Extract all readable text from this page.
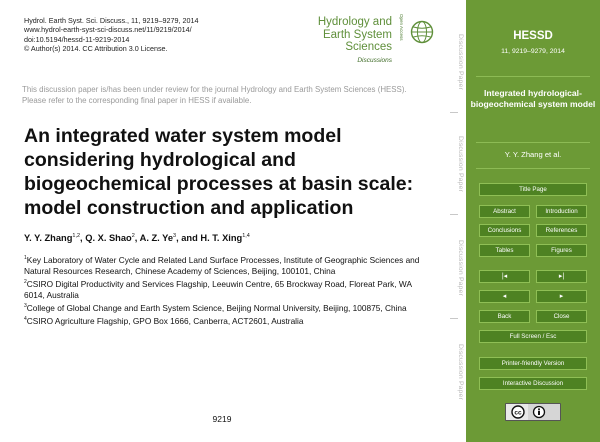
Hydrol. Earth Syst. Sci. Discuss., 11, 9219–9279, 2014
www.hydrol-earth-syst-sci-discuss.net/11/9219/2014/
doi:10.5194/hessd-11-9219-2014
© Author(s) 2014. CC Attribution 3.0 License.
Hydrology and
Earth System
Sciences
Discussions
Open Access
This discussion paper is/has been under review for the journal Hydrology and Earth System Sciences (HESS). Please refer to the corresponding final paper in HESS if available.
An integrated water system model considering hydrological and biogeochemical processes at basin scale: model construction and application
Y. Y. Zhang$^{1,2}$, Q. X. Shao$^2$, A. Z. Ye$^3$, and H. T. Xing$^{1,4}$
$^1$Key Laboratory of Water Cycle and Related Land Surface Processes, Institute of Geographic Sciences and Natural Resources Research, Chinese Academy of Sciences, Beijing, 100101, China
$^2$CSIRO Digital Productivity and Services Flagship, Leeuwin Centre, 65 Brockway Road, Floreat Park, WA 6014, Australia
$^3$College of Global Change and Earth System Science, Beijing Normal University, Beijing, 100875, China
$^4$CSIRO Agriculture Flagship, GPO Box 1666, Canberra, ACT2601, Australia
9219
Discussion Paper
Discussion Paper
Discussion Paper
Discussion Paper
HESSD
11, 9219–9279, 2014
Integrated hydrological-biogeochemical system model
Y. Y. Zhang et al.
Title Page
Abstract	Introduction
Conclusions	References
Tables	Figures
|◂	▸|
◂	▸
Back	Close
Full Screen / Esc
Printer-friendly Version
Interactive Discussion
cc
